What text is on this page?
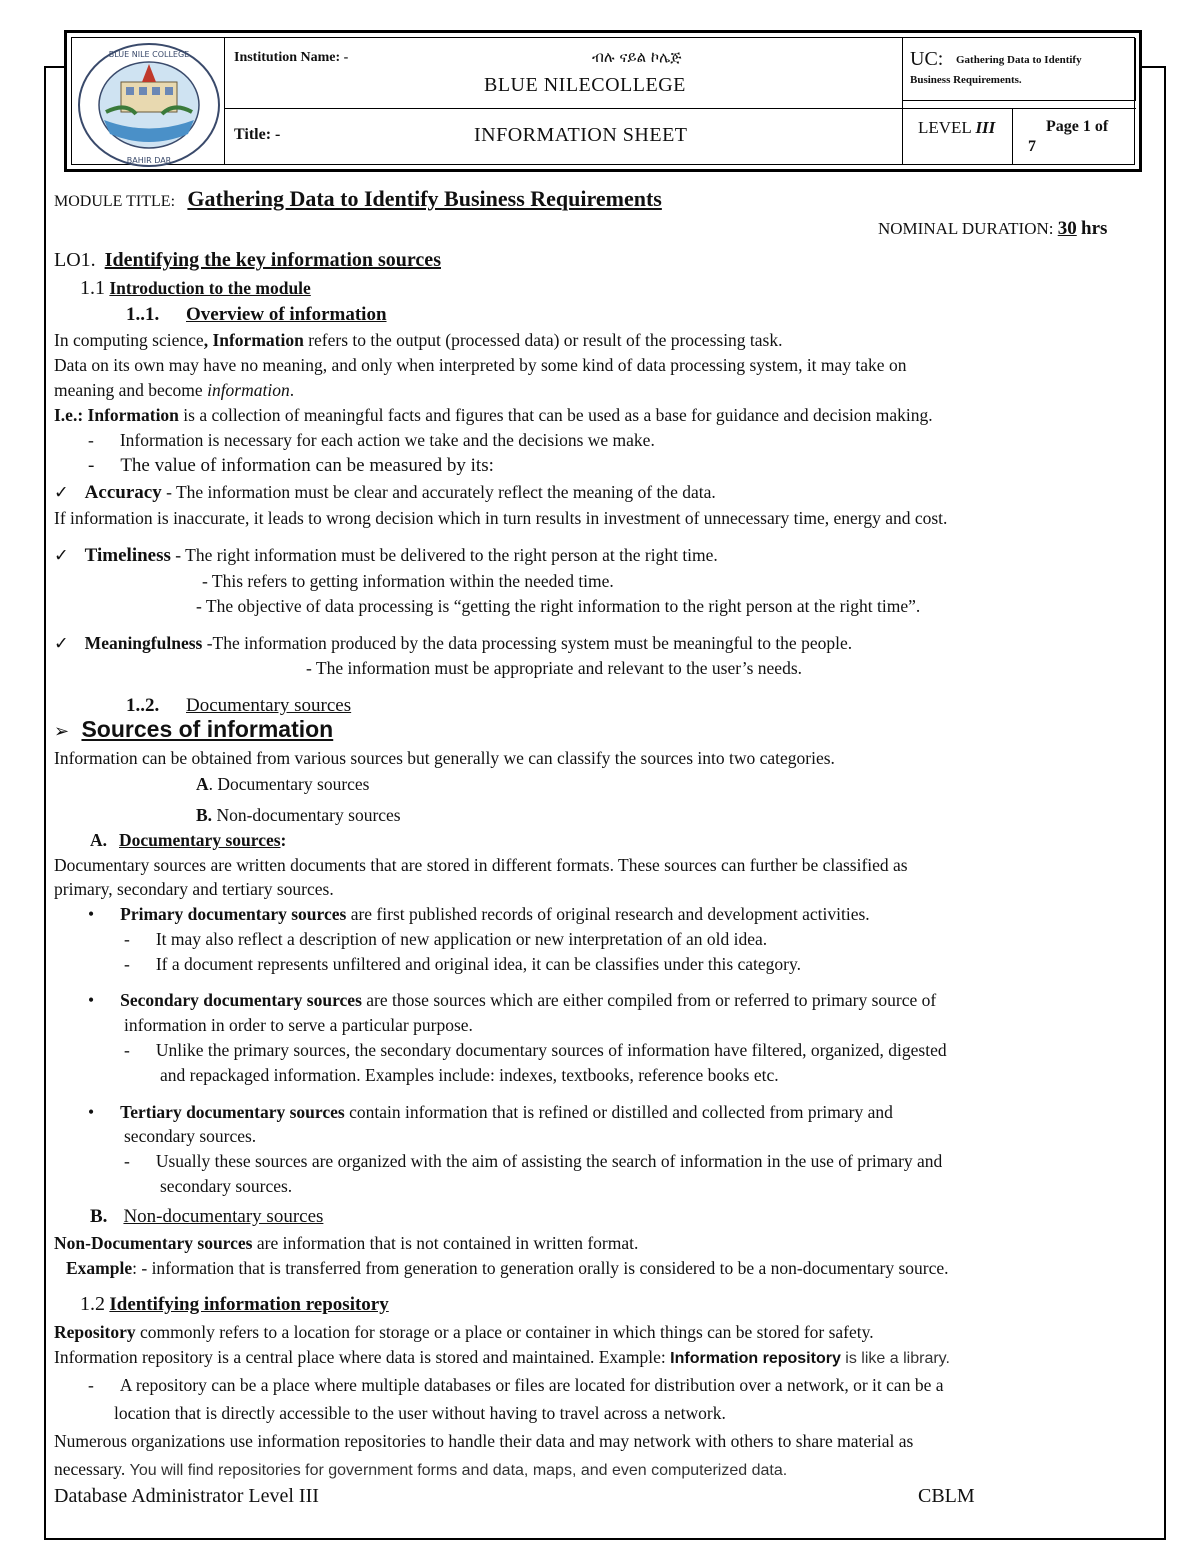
BLUE NILE COLLEGE
BAHIR DAR
Institution Name: -	ብሉ ናይል ኮሌጅ
BLUE NILECOLLEGE
Title: -	INFORMATION SHEET
UC: Gathering Data to Identify
Business Requirements.
LEVEL III	Page 1 of
7
MODULE TITLE: Gathering Data to Identify Business Requirements
NOMINAL DURATION: 30 hrs
LO1. Identifying the key information sources
1.1 Introduction to the module
1..1. Overview of information
In computing science, Information refers to the output (processed data) or result of the processing task.
Data on its own may have no meaning, and only when interpreted by some kind of data processing system, it may take on
meaning and become information.
I.e.: Information is a collection of meaningful facts and figures that can be used as a base for guidance and decision making.
- Information is necessary for each action we take and the decisions we make.
- The value of information can be measured by its:
✓ Accuracy - The information must be clear and accurately reflect the meaning of the data.
If information is inaccurate, it leads to wrong decision which in turn results in investment of unnecessary time, energy and cost.
✓ Timeliness - The right information must be delivered to the right person at the right time.
- This refers to getting information within the needed time.
- The objective of data processing is “getting the right information to the right person at the right time”.
✓ Meaningfulness -The information produced by the data processing system must be meaningful to the people.
- The information must be appropriate and relevant to the user’s needs.
1..2. Documentary sources
➢ Sources of information
Information can be obtained from various sources but generally we can classify the sources into two categories.
A. Documentary sources
B. Non-documentary sources
A. Documentary sources:
Documentary sources are written documents that are stored in different formats. These sources can further be classified as
primary, secondary and tertiary sources.
• Primary documentary sources are first published records of original research and development activities.
- It may also reflect a description of new application or new interpretation of an old idea.
- If a document represents unfiltered and original idea, it can be classifies under this category.
• Secondary documentary sources are those sources which are either compiled from or referred to primary source of
information in order to serve a particular purpose.
- Unlike the primary sources, the secondary documentary sources of information have filtered, organized, digested
and repackaged information. Examples include: indexes, textbooks, reference books etc.
• Tertiary documentary sources contain information that is refined or distilled and collected from primary and
secondary sources.
- Usually these sources are organized with the aim of assisting the search of information in the use of primary and
secondary sources.
B. Non-documentary sources
Non-Documentary sources are information that is not contained in written format.
Example: - information that is transferred from generation to generation orally is considered to be a non-documentary source.
1.2 Identifying information repository
Repository commonly refers to a location for storage or a place or container in which things can be stored for safety.
Information repository is a central place where data is stored and maintained. Example: Information repository is like a library.
- A repository can be a place where multiple databases or files are located for distribution over a network, or it can be a
location that is directly accessible to the user without having to travel across a network.
Numerous organizations use information repositories to handle their data and may network with others to share material as
necessary. You will find repositories for government forms and data, maps, and even computerized data.
Database Administrator Level III	CBLM
